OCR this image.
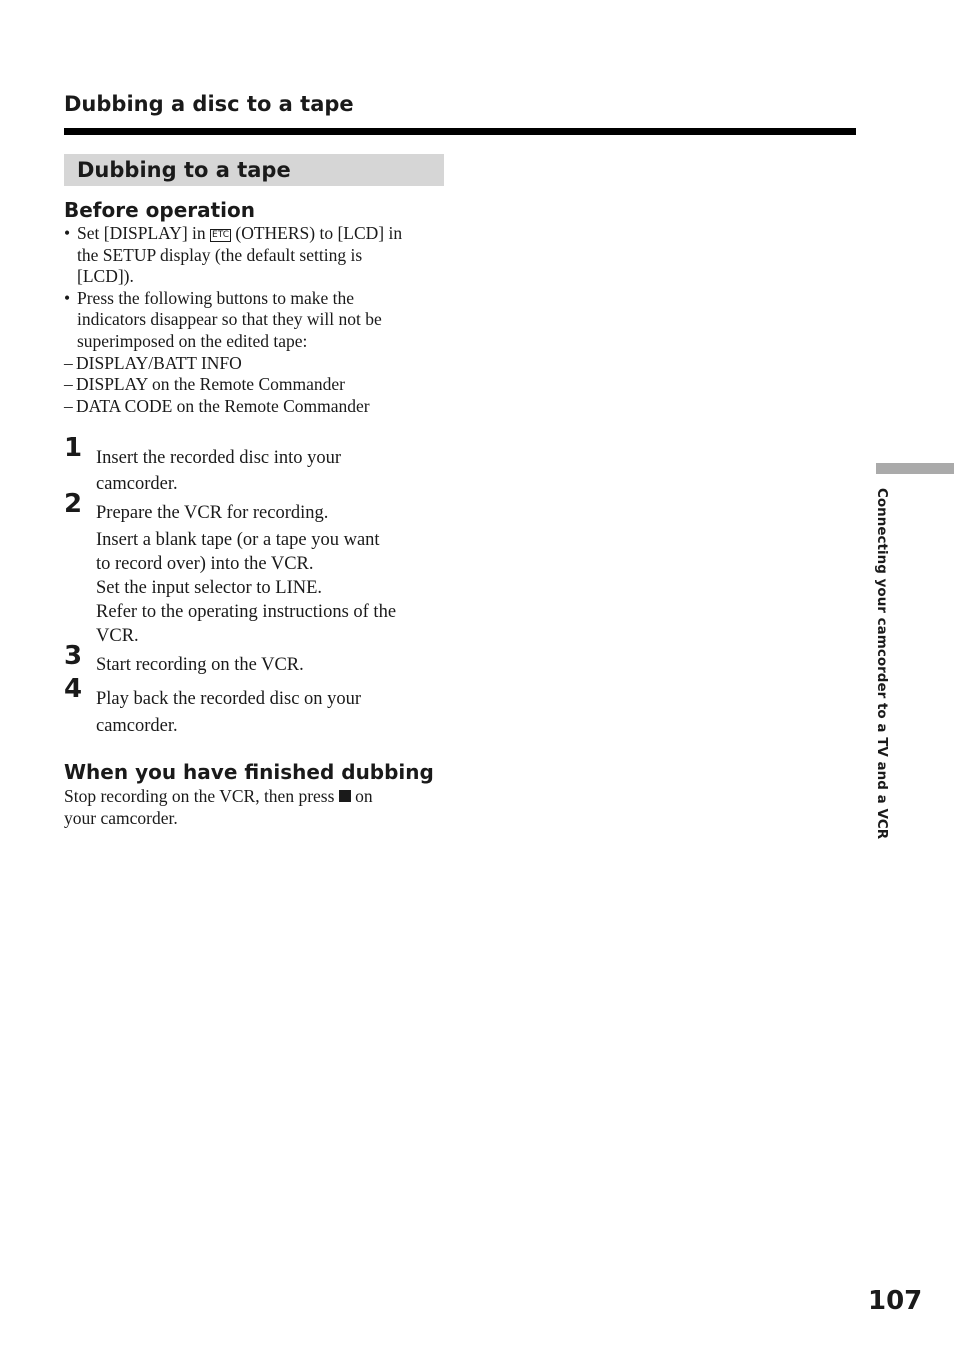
Dubbing a disc to a tape
Dubbing to a tape
Before operation
• Set [DISPLAY] in ETC (OTHERS) to [LCD] in
the SETUP display (the default setting is
[LCD]).
• Press the following buttons to make the
indicators disappear so that they will not be
superimposed on the edited tape:
– DISPLAY/BATT INFO
– DISPLAY on the Remote Commander
– DATA CODE on the Remote Commander
1 Insert the recorded disc into your

camcorder.

2 Prepare the VCR for recording.

Insert a blank tape (or a tape you want

to record over) into the VCR.

Set the input selector to LINE.

Refer to the operating instructions of the

VCR.

3 Start recording on the VCR.

4 Play back the recorded disc on your

camcorder.

When you have finished dubbing
Stop recording on the VCR, then press on
your camcorder.	Connecting your camcorder to a TV and a VCR

107
